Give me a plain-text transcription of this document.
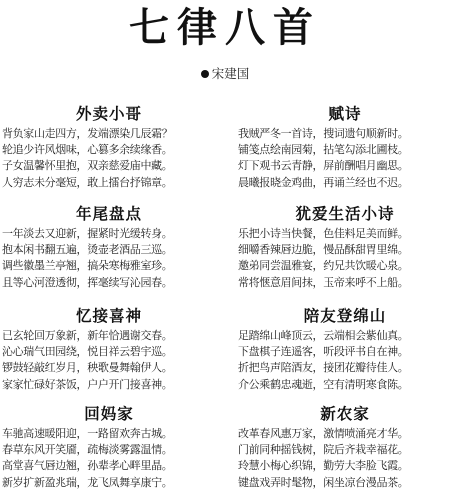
七律八首
宋建国
外卖小哥
背负家山走四方，发端漂染几辰霜？
轮追少许风烟味，心篡多余续缘香。
子女温馨怀里抱，双亲慈爱庙中藏。
人穷志未分毫短，敢上擂台抒锦章。
赋诗
我贼严冬一首诗，搜词遗句顺新时。
铺笺点绘南园菊，拈笔勾添北圃枝。
灯下观书云青静，屏前酬唱月幽思。
晨曦报晓金鸡曲，再诵兰经也不迟。
年尾盘点
一年淡去又迎新，握紧时光缓转身。
抱本闲书翻五遍，烫壶老酒品三巡。
调些徽墨兰亭翘，搞朵寒梅雅室珍。
且等心河澄透彻，挥毫续写沁园春。
犹爱生活小诗
乐把小诗当快餐，色佳料足美而鲜。
细嚼香辣唇边脆，慢品酥甜胃里绵。
邀弟同尝温雅宴，约兄共饮暖心泉。
常将惬意眉间抹，玉帝来呼不上船。
忆接喜神
已玄轮回万象新，新年恰遇谢交春。
沁心瑞气田园绕，悦目祥云碧宇巡。
锣鼓轻敲红岁月，秧歌曼舞翰伊人。
家家忙碌好茶饭，户户开门接喜神。
陪友登绵山
足踏绵山峰顶云，云端相会紫仙真。
下盘棋子连遥客，听段评书自在神。
折把鸟声陪酒友，接团花瓣待佳人。
介公乘鹤忠魂逝，空有清明寒食陈。
回妈家
车驰高速暖阳迎，一路留欢奔古城。
春草东风开笑靥，疏梅淡雾露温情。
高堂喜气唇边翘，孙辈孝心畔里晶。
新岁扩新盈兆瑞，龙飞凤舞享康宁。
新农家
改革春风惠万家，激情喷涌亮才华。
门前同种摇钱树，院后齐栽幸福花。
玲慧小梅心织锦，勤劳大李脸飞霞。
键盘戏弄时髦物，闲坐凉台漫品茶。
